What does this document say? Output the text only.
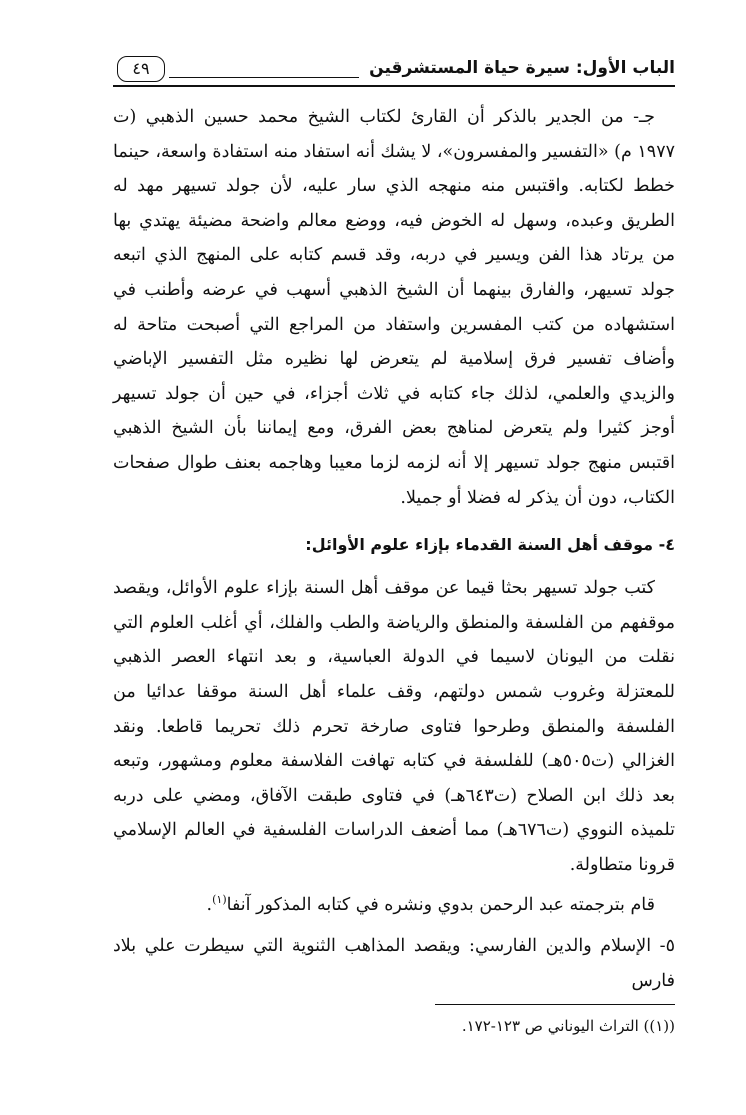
الباب الأول: سيرة حياة المستشرقين
٤٩

جـ- من الجدير بالذكر أن القارئ لكتاب الشيخ محمد حسين الذهبي (ت ١٩٧٧ م) «التفسير والمفسرون»، لا يشك أنه استفاد منه استفادة واسعة، حينما خطط لكتابه. واقتبس منه منهجه الذي سار عليه، لأن جولد تسيهر مهد له الطريق وعبده، وسهل له الخوض فيه، ووضع معالم واضحة مضيئة يهتدي بها من يرتاد هذا الفن ويسير في دربه، وقد قسم كتابه على المنهج الذي اتبعه جولد تسيهر، والفارق بينهما أن الشيخ الذهبي أسهب في عرضه وأطنب في استشهاده من كتب المفسرين واستفاد من المراجع التي أصبحت متاحة له وأضاف تفسير فرق إسلامية لم يتعرض لها نظيره مثل التفسير الإباضي والزيدي والعلمي، لذلك جاء كتابه في ثلاث أجزاء، في حين أن جولد تسيهر أوجز كثيرا ولم يتعرض لمناهج بعض الفرق، ومع إيماننا بأن الشيخ الذهبي اقتبس منهج جولد تسيهر إلا أنه لزمه لزما معيبا وهاجمه بعنف طوال صفحات الكتاب، دون أن يذكر له فضلا أو جميلا.

٤- موقف أهل السنة القدماء بإزاء علوم الأوائل:

كتب جولد تسيهر بحثا قيما عن موقف أهل السنة بإزاء علوم الأوائل، ويقصد موقفهم من الفلسفة والمنطق والرياضة والطب والفلك، أي أغلب العلوم التي نقلت من اليونان لاسيما في الدولة العباسية، و بعد انتهاء العصر الذهبي للمعتزلة وغروب شمس دولتهم، وقف علماء أهل السنة موقفا عدائيا من الفلسفة والمنطق وطرحوا فتاوى صارخة تحرم ذلك تحريما قاطعا. ونقد الغزالي (ت٥٠٥هـ) للفلسفة في كتابه تهافت الفلاسفة معلوم ومشهور، وتبعه بعد ذلك ابن الصلاح (ت٦٤٣هـ) في فتاوى طبقت الآفاق، ومضي على دربه تلميذه النووي (ت٦٧٦هـ) مما أضعف الدراسات الفلسفية في العالم الإسلامي قرونا متطاولة.

قام بترجمته عبد الرحمن بدوي ونشره في كتابه المذكور آنفا$^{(١)}$.

٥- الإسلام والدين الفارسي: ويقصد المذاهب الثنوية التي سيطرت علي بلاد فارس

((١)) التراث اليوناني ص ١٢٣-١٧٢.
